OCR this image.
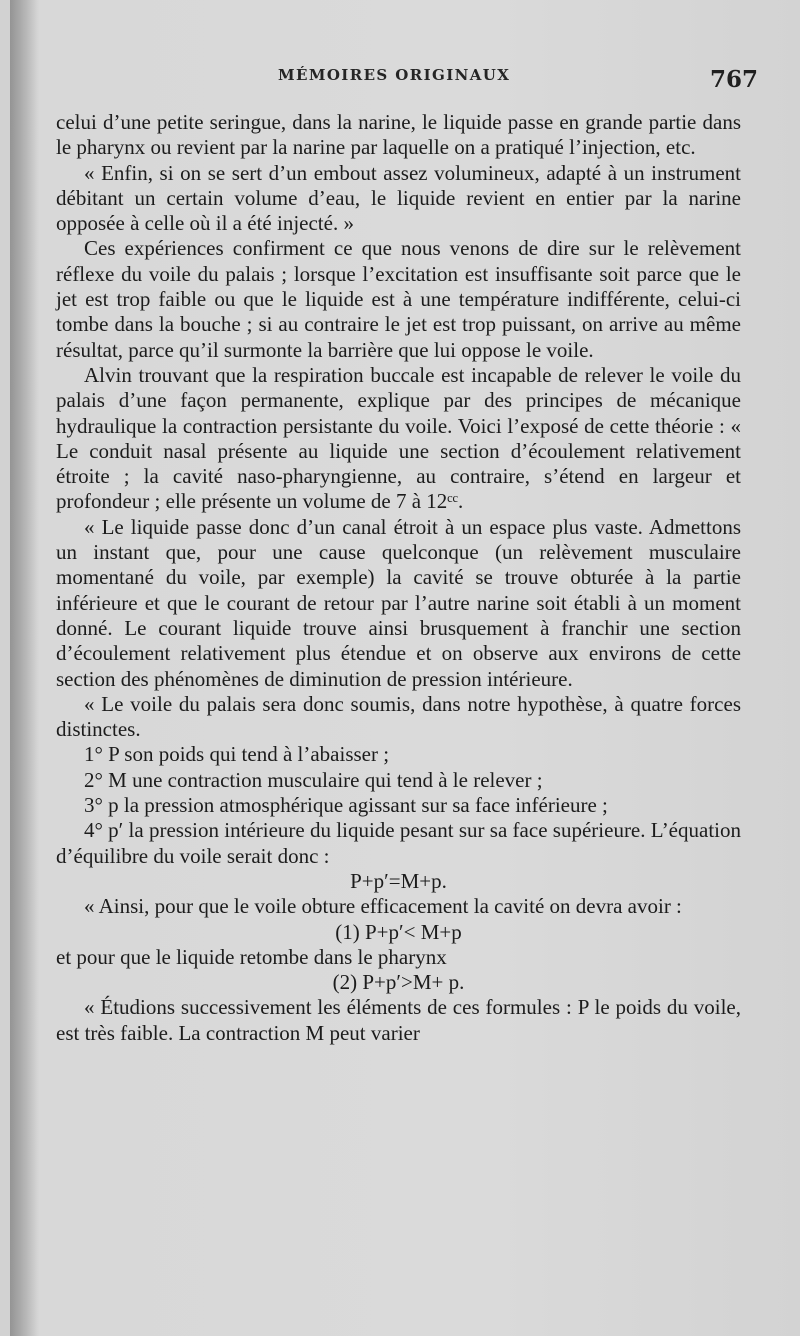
MÉMOIRES ORIGINAUX	767

celui d’une petite seringue, dans la narine, le liquide passe en grande partie dans le pharynx ou revient par la narine par laquelle on a pratiqué l’injection, etc.

« Enfin, si on se sert d’un embout assez volumineux, adapté à un instrument débitant un certain volume d’eau, le liquide revient en entier par la narine opposée à celle où il a été injecté. »

Ces expériences confirment ce que nous venons de dire sur le relèvement réflexe du voile du palais ; lorsque l’excitation est insuffisante soit parce que le jet est trop faible ou que le liquide est à une température indifférente, celui-ci tombe dans la bouche ; si au contraire le jet est trop puissant, on arrive au même résultat, parce qu’il surmonte la barrière que lui oppose le voile.

Alvin trouvant que la respiration buccale est incapable de relever le voile du palais d’une façon permanente, explique par des principes de mécanique hydraulique la contraction persistante du voile. Voici l’exposé de cette théorie : « Le conduit nasal présente au liquide une section d’écoulement relativement étroite ; la cavité naso-pharyngienne, au contraire, s’étend en largeur et profondeur ; elle présente un volume de 7 à 12ᶜᶜ.

« Le liquide passe donc d’un canal étroit à un espace plus vaste. Admettons un instant que, pour une cause quelconque (un relèvement musculaire momentané du voile, par exemple) la cavité se trouve obturée à la partie inférieure et que le courant de retour par l’autre narine soit établi à un moment donné. Le courant liquide trouve ainsi brusquement à franchir une section d’écoulement relativement plus étendue et on observe aux environs de cette section des phénomènes de diminution de pression intérieure.

« Le voile du palais sera donc soumis, dans notre hypothèse, à quatre forces distinctes.

1° P son poids qui tend à l’abaisser ;

2° M une contraction musculaire qui tend à le relever ;

3° p la pression atmosphérique agissant sur sa face inférieure ;

4° p′ la pression intérieure du liquide pesant sur sa face supérieure. L’équation d’équilibre du voile serait donc :

P+p′=M+p.

« Ainsi, pour que le voile obture efficacement la cavité on devra avoir :

(1) P+p′< M+p

et pour que le liquide retombe dans le pharynx

(2) P+p′>M+ p.

« Étudions successivement les éléments de ces formules : P le poids du voile, est très faible. La contraction M peut varier
